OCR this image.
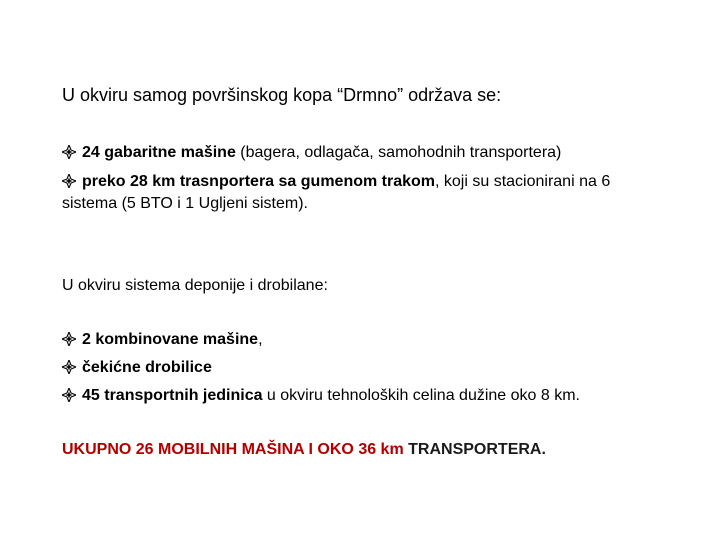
U okviru samog površinskog kopa “Drmno” održava se:
24 gabaritne mašine (bagera, odlagača, samohodnih transportera)
preko 28 km trasnportera sa gumenom trakom, koji su stacionirani na 6
sistema (5 BTO i 1 Ugljeni sistem).
U okviru sistema deponije i drobilane:
2 kombinovane mašine,
čekićne drobilice
45 transportnih jedinica u okviru tehnoloških celina dužine oko 8 km.
UKUPNO 26 MOBILNIH MAŠINA I OKO 36 km TRANSPORTERA.
